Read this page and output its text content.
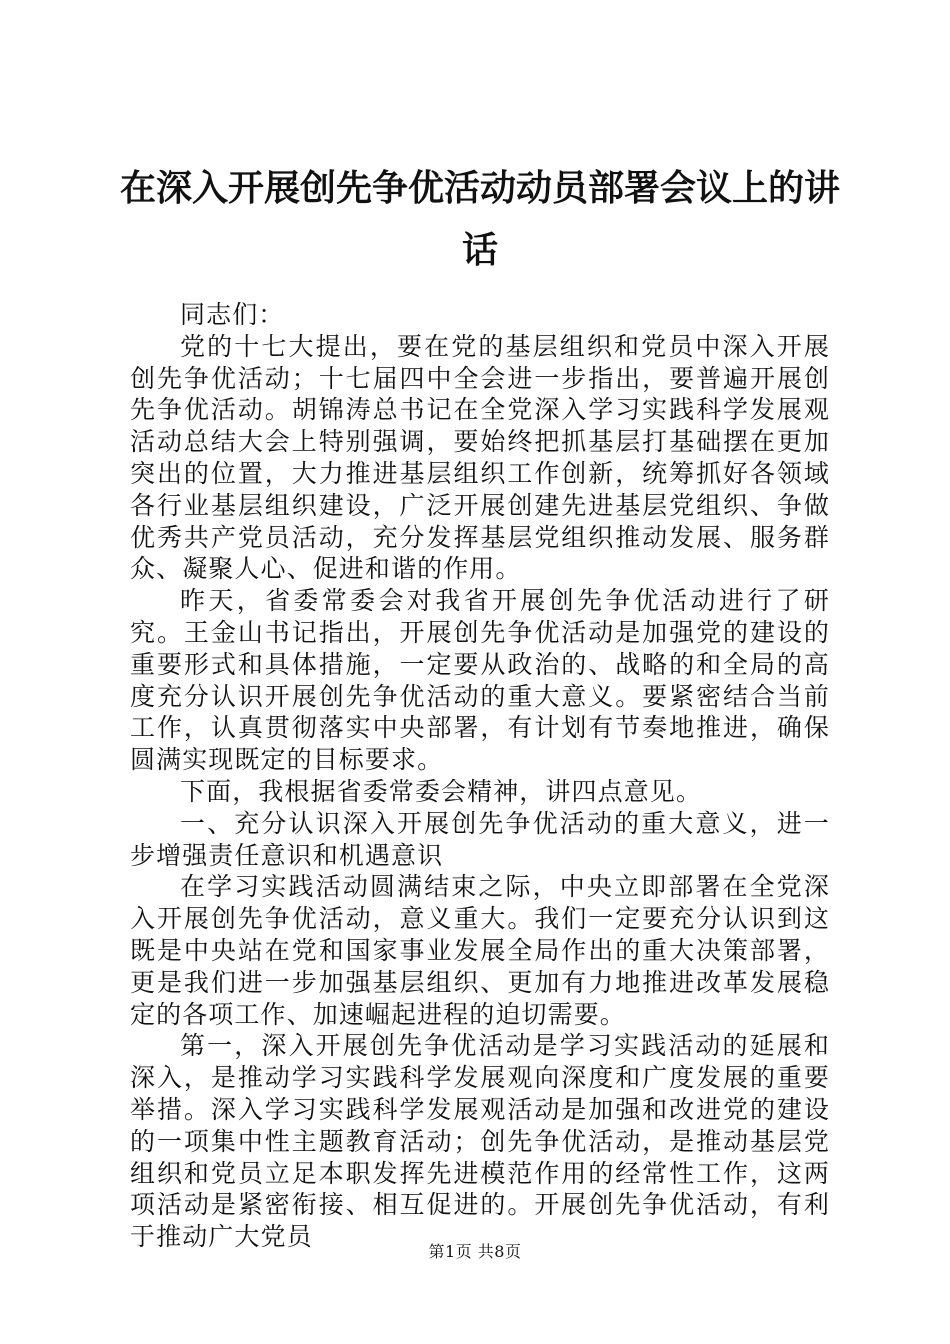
在深入开展创先争优活动动员部署会议上的讲话

同志们：

党的十七大提出，要在党的基层组织和党员中深入开展创先争优活动；十七届四中全会进一步指出，要普遍开展创先争优活动。胡锦涛总书记在全党深入学习实践科学发展观活动总结大会上特别强调，要始终把抓基层打基础摆在更加突出的位置，大力推进基层组织工作创新，统筹抓好各领域各行业基层组织建设，广泛开展创建先进基层党组织、争做优秀共产党员活动，充分发挥基层党组织推动发展、服务群众、凝聚人心、促进和谐的作用。

昨天，省委常委会对我省开展创先争优活动进行了研究。王金山书记指出，开展创先争优活动是加强党的建设的重要形式和具体措施，一定要从政治的、战略的和全局的高度充分认识开展创先争优活动的重大意义。要紧密结合当前工作，认真贯彻落实中央部署，有计划有节奏地推进，确保圆满实现既定的目标要求。

下面，我根据省委常委会精神，讲四点意见。

一、充分认识深入开展创先争优活动的重大意义，进一步增强责任意识和机遇意识

在学习实践活动圆满结束之际，中央立即部署在全党深入开展创先争优活动，意义重大。我们一定要充分认识到这既是中央站在党和国家事业发展全局作出的重大决策部署，更是我们进一步加强基层组织、更加有力地推进改革发展稳定的各项工作、加速崛起进程的迫切需要。

第一，深入开展创先争优活动是学习实践活动的延展和深入，是推动学习实践科学发展观向深度和广度发展的重要举措。深入学习实践科学发展观活动是加强和改进党的建设的一项集中性主题教育活动；创先争优活动，是推动基层党组织和党员立足本职发挥先进模范作用的经常性工作，这两项活动是紧密衔接、相互促进的。开展创先争优活动，有利于推动广大党员

第1页 共8页
